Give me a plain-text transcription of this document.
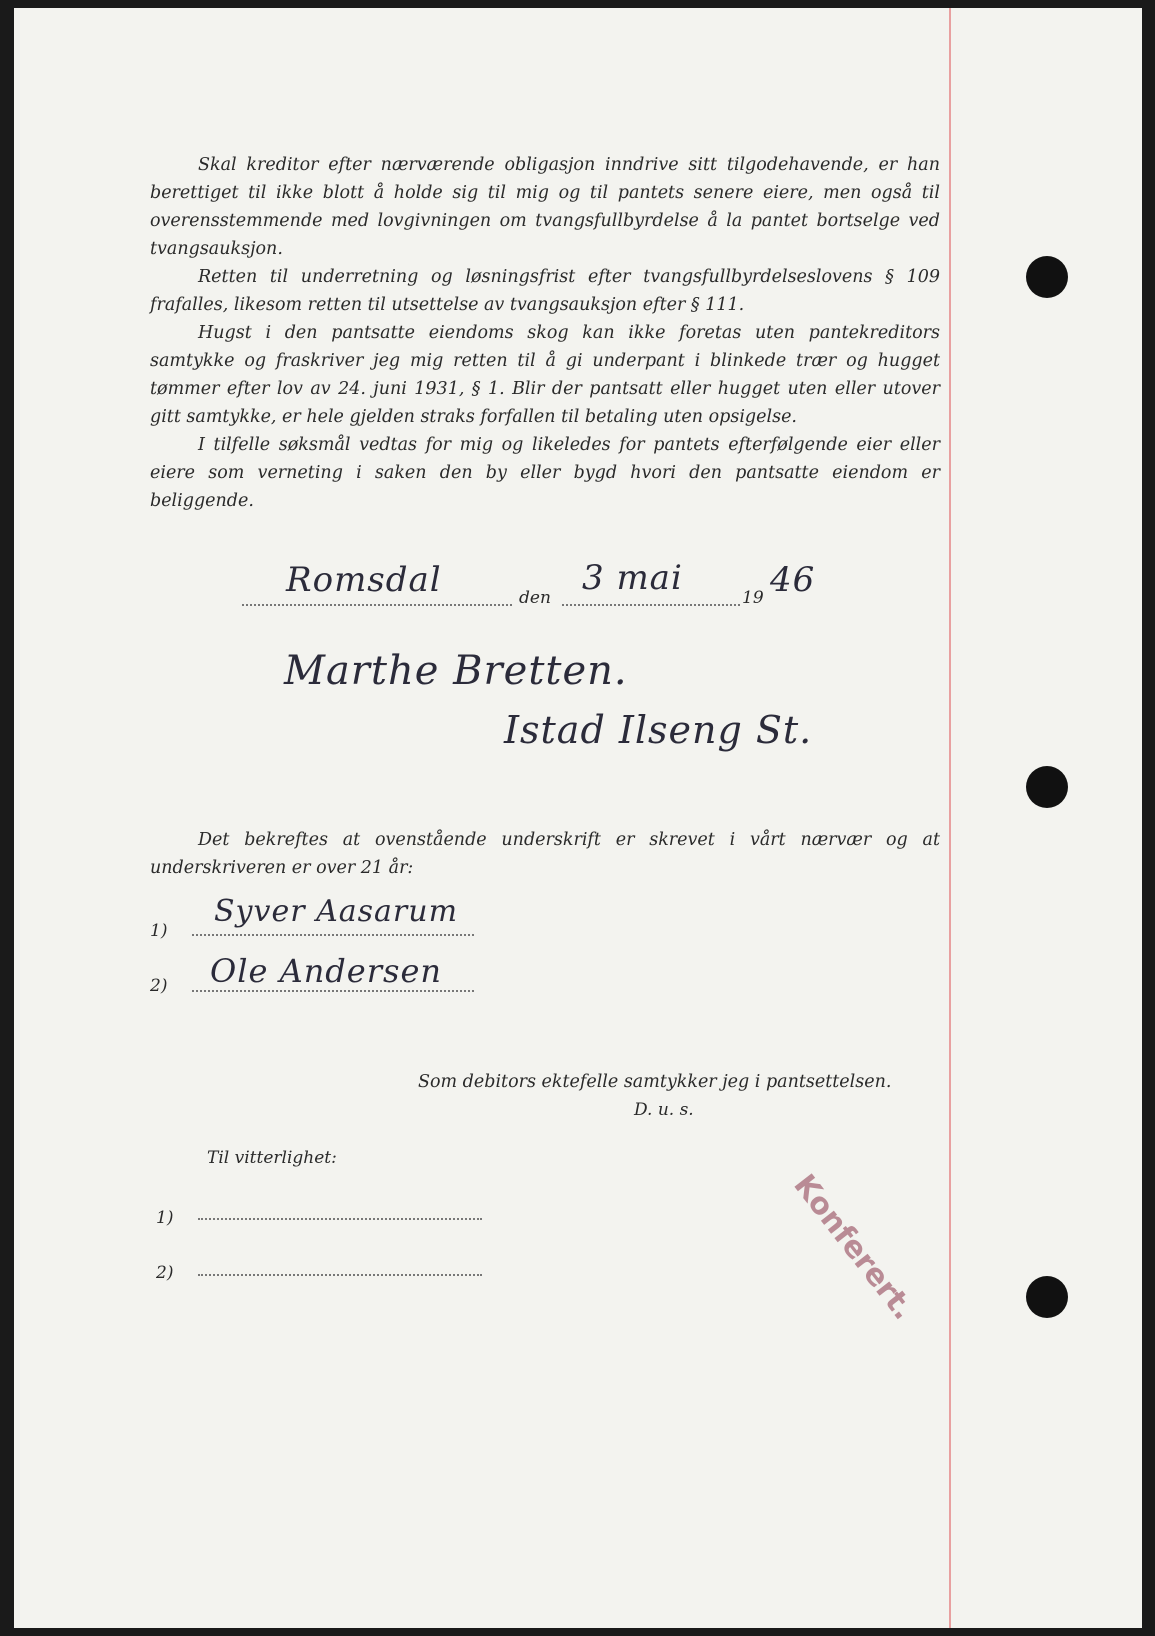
Skal kreditor efter nærværende obligasjon inndrive sitt tilgodehavende, er han berettiget til ikke blott å holde sig til mig og til pantets senere eiere, men også til overensstemmende med lovgivningen om tvangsfullbyrdelse å la pantet bortselge ved tvangsauksjon.

Retten til underretning og løsningsfrist efter tvangsfullbyrdelseslovens § 109 frafalles, likesom retten til utsettelse av tvangsauksjon efter § 111.

Hugst i den pantsatte eiendoms skog kan ikke foretas uten pantekreditors samtykke og fraskriver jeg mig retten til å gi underpant i blinkede trær og hugget tømmer efter lov av 24. juni 1931, § 1. Blir der pantsatt eller hugget uten eller utover gitt samtykke, er hele gjelden straks forfallen til betaling uten opsigelse.

I tilfelle søksmål vedtas for mig og likeledes for pantets efterfølgende eier eller eiere som verneting i saken den by eller bygd hvori den pantsatte eiendom er beliggende.

Romsdal	den 3 mai	19 46
Marthe Bretten.
Istad Ilseng St.

Det bekreftes at ovenstående underskrift er skrevet i vårt nærvær og at underskriveren er over 21 år:

1)
Syver Aasarum
2) Ole Andersen
Som debitors ektefelle samtykker jeg i pantsettelsen.
D. u. s.
Til vitterlighet:
1)
2)	Konferert.
